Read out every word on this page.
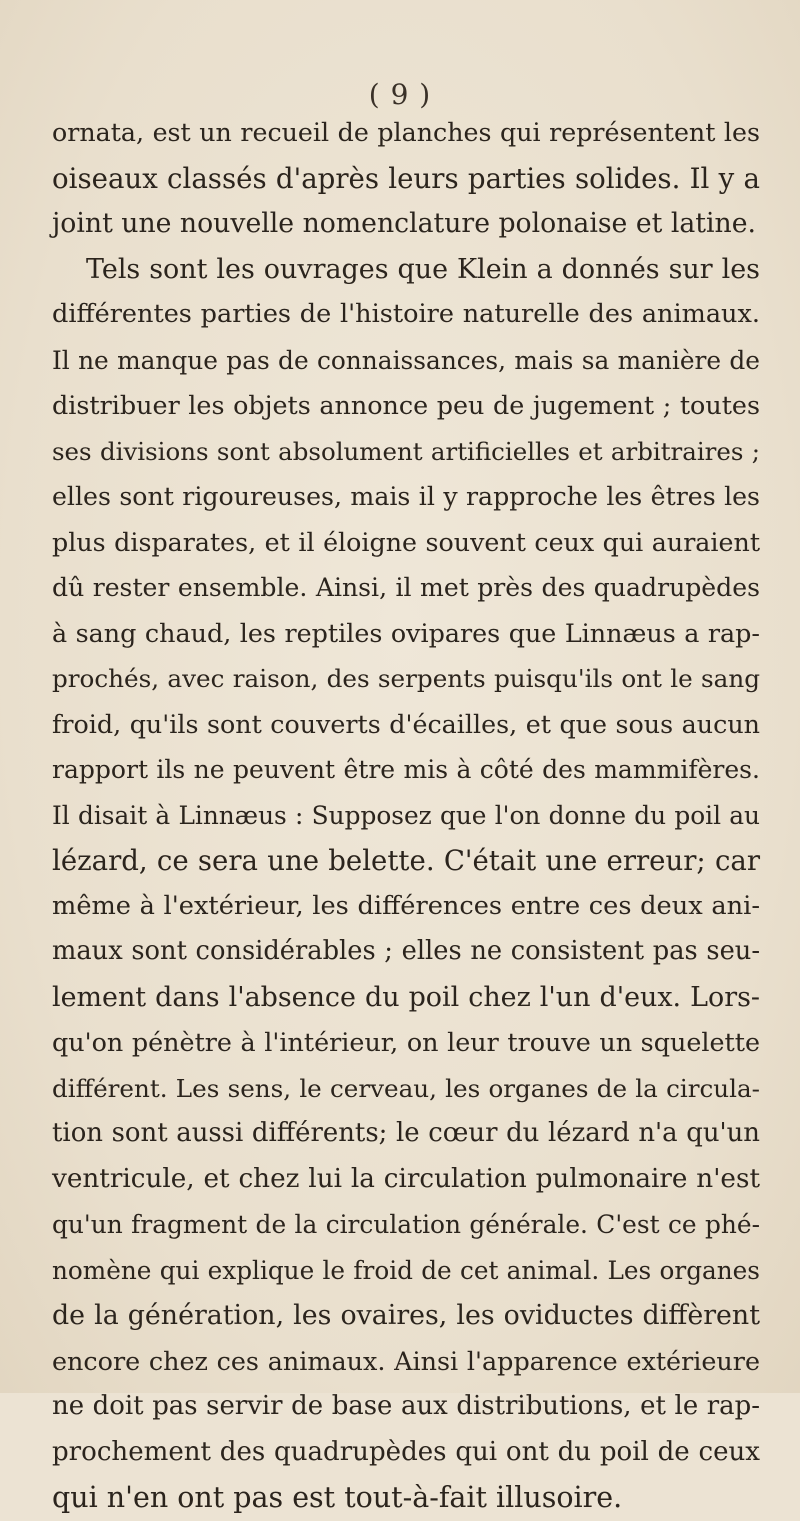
( 9 )
ornata, est un recueil de planches qui représentent les
oiseaux classés d'après leurs parties solides. Il y a
joint une nouvelle nomenclature polonaise et latine.
Tels sont les ouvrages que Klein a donnés sur les
différentes parties de l'histoire naturelle des animaux.
Il ne manque pas de connaissances, mais sa manière de
distribuer les objets annonce peu de jugement ; toutes
ses divisions sont absolument artificielles et arbitraires ;
elles sont rigoureuses, mais il y rapproche les êtres les
plus disparates, et il éloigne souvent ceux qui auraient
dû rester ensemble. Ainsi, il met près des quadrupèdes
à sang chaud, les reptiles ovipares que Linnæus a rap-
prochés, avec raison, des serpents puisqu'ils ont le sang
froid, qu'ils sont couverts d'écailles, et que sous aucun
rapport ils ne peuvent être mis à côté des mammifères.
Il disait à Linnæus : Supposez que l'on donne du poil au
lézard, ce sera une belette. C'était une erreur; car
même à l'extérieur, les différences entre ces deux ani-
maux sont considérables ; elles ne consistent pas seu-
lement dans l'absence du poil chez l'un d'eux. Lors-
qu'on pénètre à l'intérieur, on leur trouve un squelette
différent. Les sens, le cerveau, les organes de la circula-
tion sont aussi différents; le cœur du lézard n'a qu'un
ventricule, et chez lui la circulation pulmonaire n'est
qu'un fragment de la circulation générale. C'est ce phé-
nomène qui explique le froid de cet animal. Les organes
de la génération, les ovaires, les oviductes diffèrent
encore chez ces animaux. Ainsi l'apparence extérieure
ne doit pas servir de base aux distributions, et le rap-
prochement des quadrupèdes qui ont du poil de ceux
qui n'en ont pas est tout-à-fait illusoire.
